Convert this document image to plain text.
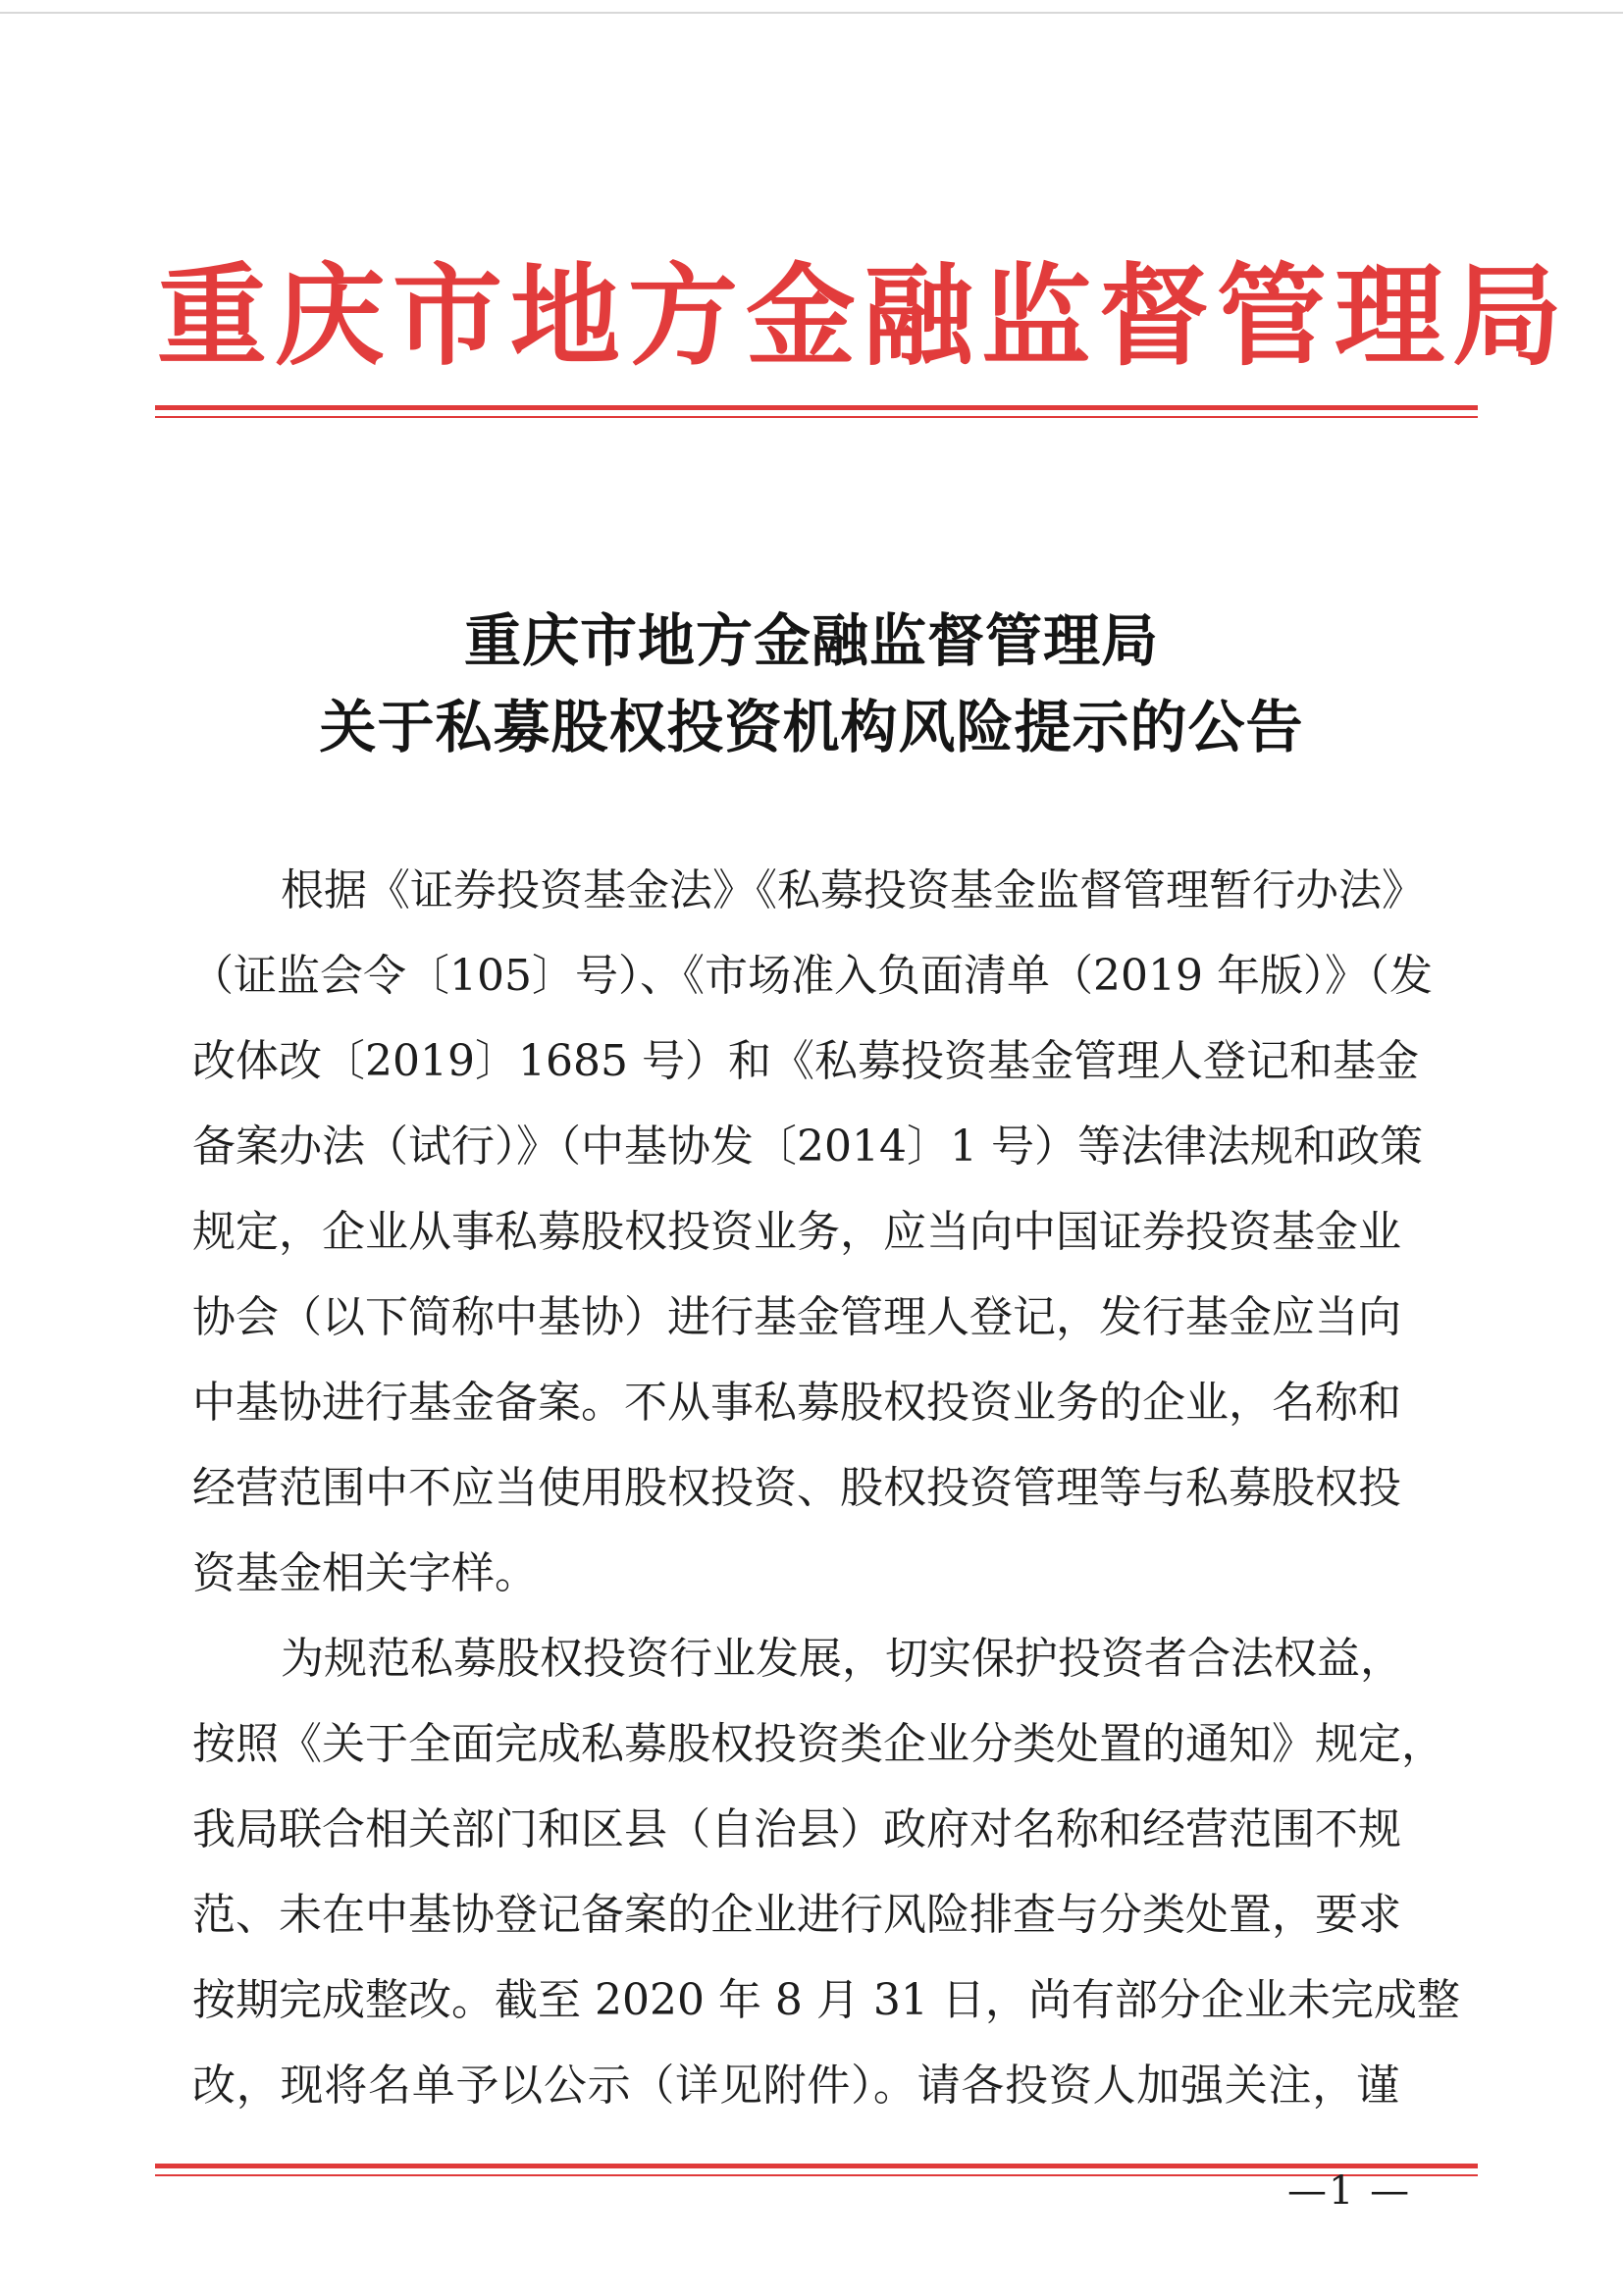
重庆市地方金融监督管理局
重庆市地方金融监督管理局
关于私募股权投资机构风险提示的公告
根据《证券投资基金法》《私募投资基金监督管理暂行办法》
（证监会令〔105〕号）、《市场准入负面清单（2019 年版）》（发
改体改〔2019〕1685 号）和《私募投资基金管理人登记和基金
备案办法（试行）》（中基协发〔2014〕1 号）等法律法规和政策
规定，企业从事私募股权投资业务，应当向中国证券投资基金业
协会（以下简称中基协）进行基金管理人登记，发行基金应当向
中基协进行基金备案。不从事私募股权投资业务的企业，名称和
经营范围中不应当使用股权投资、股权投资管理等与私募股权投
资基金相关字样。
为规范私募股权投资行业发展，切实保护投资者合法权益，
按照《关于全面完成私募股权投资类企业分类处置的通知》规定，
我局联合相关部门和区县（自治县）政府对名称和经营范围不规
范、未在中基协登记备案的企业进行风险排查与分类处置，要求
按期完成整改。截至 2020 年 8 月 31 日，尚有部分企业未完成整
改，现将名单予以公示（详见附件）。请各投资人加强关注，谨
—1 —
